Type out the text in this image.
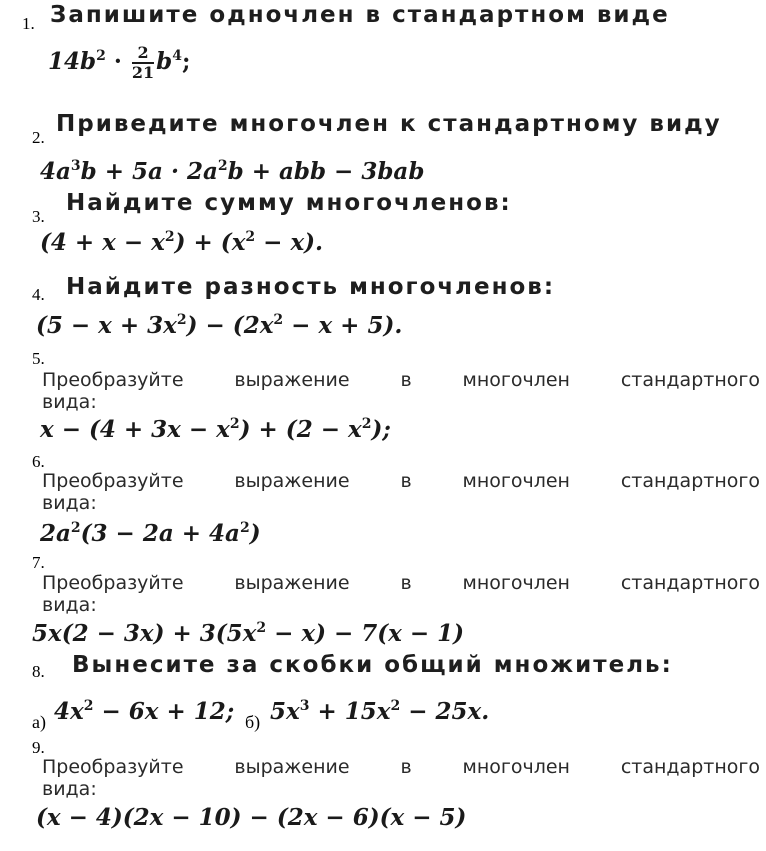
1. Запишите одночлен в стандартном виде
$14b^2 \cdot \frac{2}{21} b^4$;
2.
Приведите многочлен к стандартному виду
$4a^3b + 5a \cdot 2a^2b$ + abb − 3bab
3.
Найдите сумму многочленов:
$(4 + x - x^2) + (x^2 - x)$.
4. Найдите разность многочленов:
$(5 - x + 3x^2) - (2x^2 - x + 5)$.
5.
Преобразуйте	выражение	в	многочлен	стандартного
вида:
$x - (4 + 3x - x^2) + (2 - x^2)$;
6.
Преобразуйте	выражение	в	многочлен	стандартного
вида:
$2a^2(3 - 2a + 4a^2)$
7.
Преобразуйте	выражение	в	многочлен	стандартного
вида:
$5x(2 - 3x) + 3(5x^2 - x) - 7(x - 1)$
8. Вынесите за скобки общий множитель:
а) $4x^2 - 6x + 12$; б) $5x^3 + 15x^2 - 25x$.
9.
Преобразуйте	выражение	в	многочлен	стандартного
вида:
(x − 4)(2x − 10) − (2x − 6)(x − 5)
